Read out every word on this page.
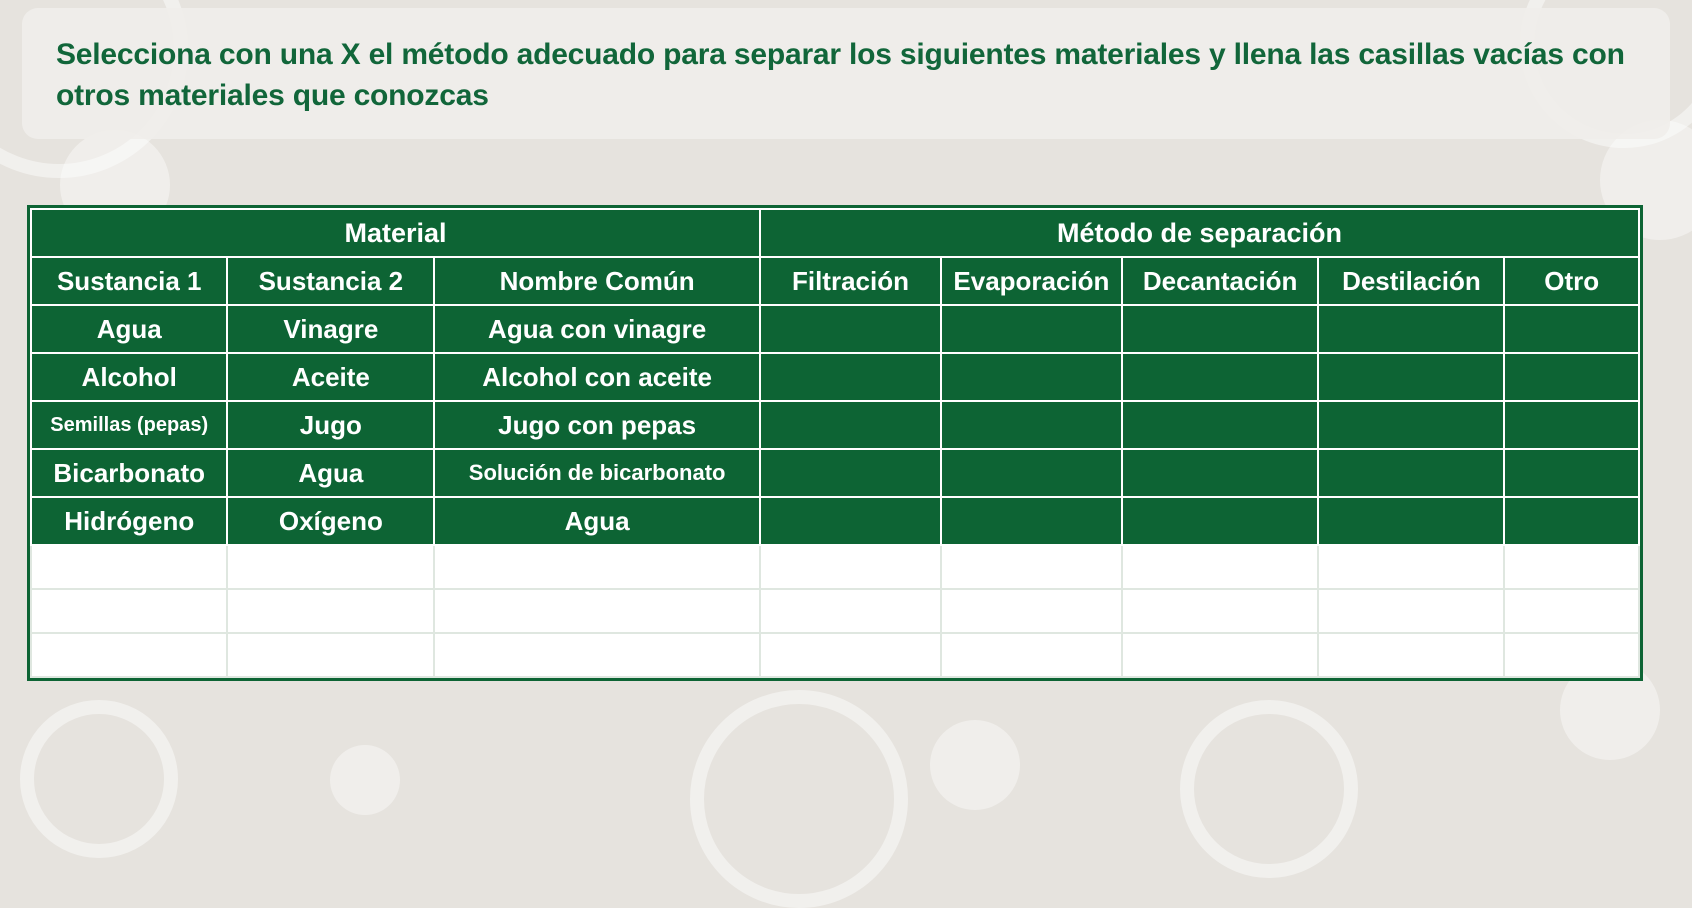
Selecciona con una X el método adecuado para separar los siguientes materiales y llena las casillas vacías con otros materiales que conozcas
Material			Método de separación				
Sustancia 1	Sustancia 2	Nombre Común	Filtración	Evaporación	Decantación	Destilación	Otro
Agua	Vinagre	Agua con vinagre					
Alcohol	Aceite	Alcohol con aceite					
Semillas (pepas)	Jugo	Jugo con pepas					
Bicarbonato	Agua	Solución de bicarbonato					
Hidrógeno	Oxígeno	Agua					
